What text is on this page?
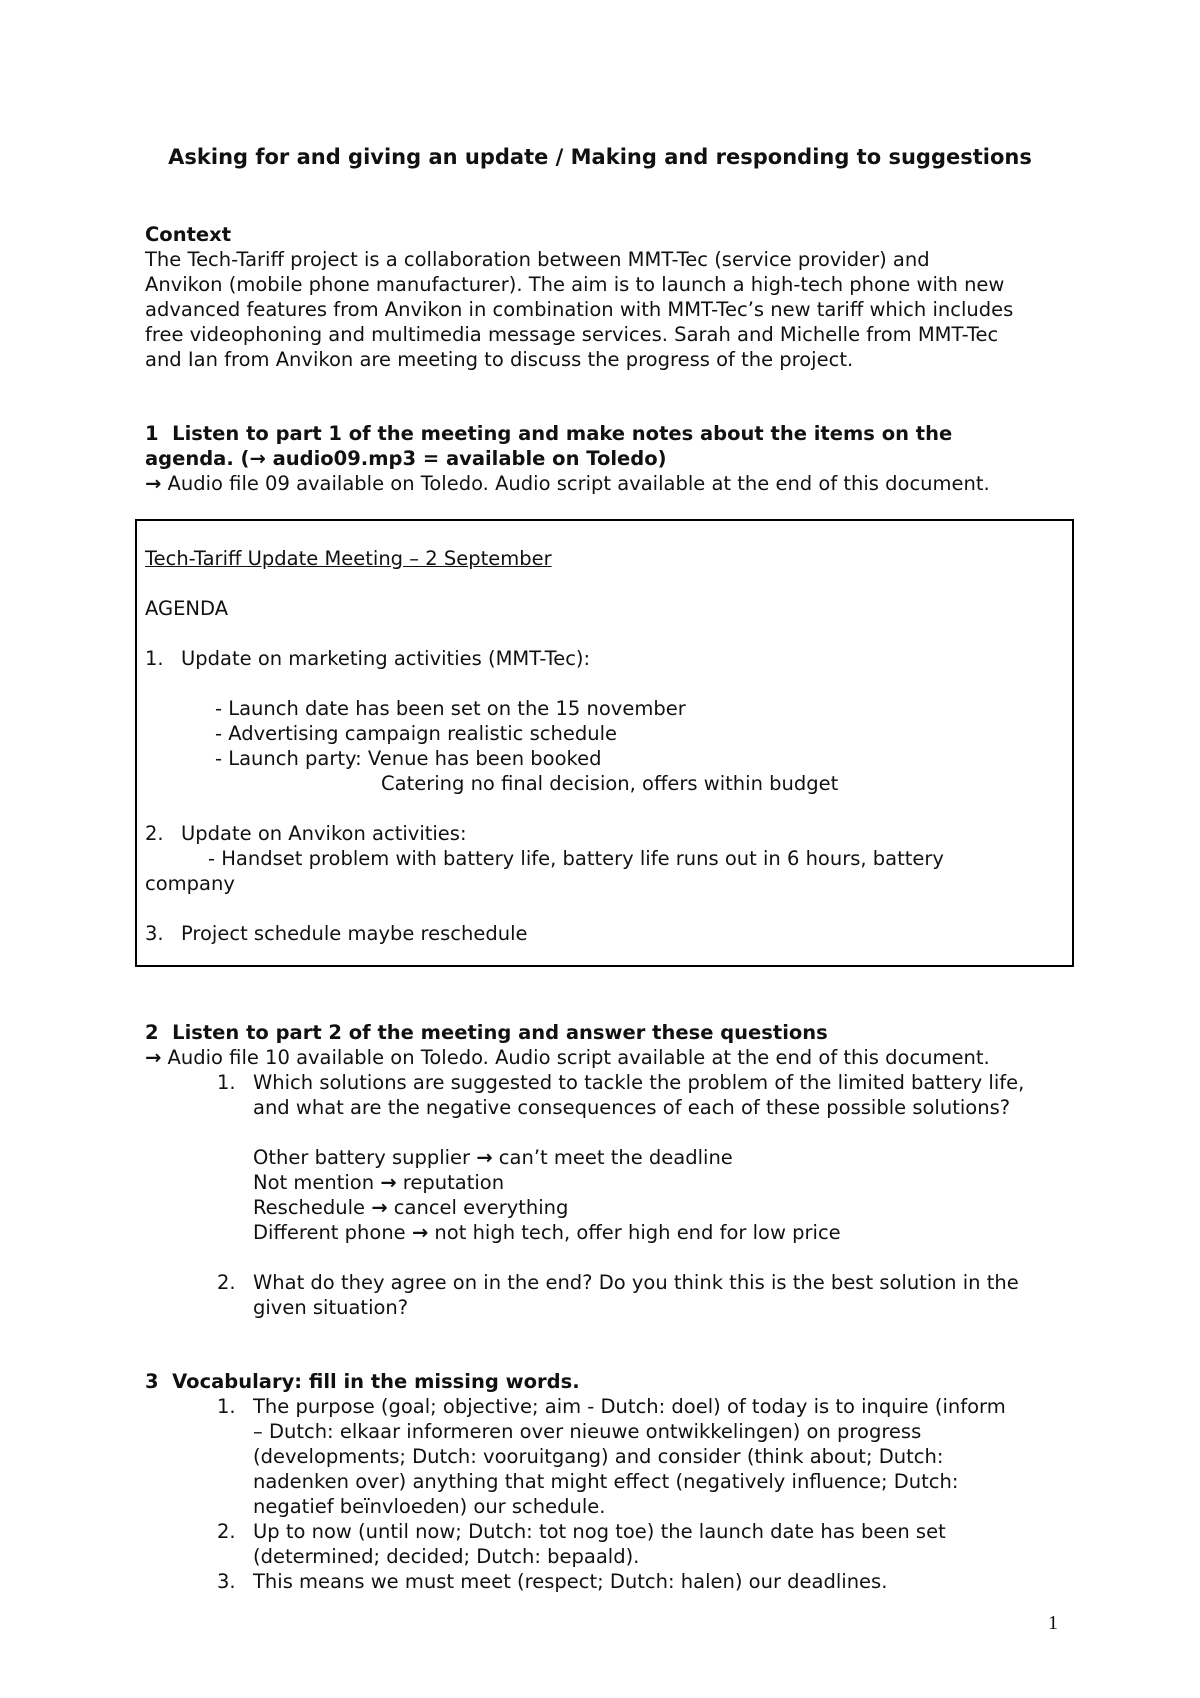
Asking for and giving an update / Making and responding to suggestions
Context
The Tech-Tariff project is a collaboration between MMT-Tec (service provider) and
Anvikon (mobile phone manufacturer). The aim is to launch a high-tech phone with new
advanced features from Anvikon in combination with MMT-Tec’s new tariff which includes
free videophoning and multimedia message services. Sarah and Michelle from MMT-Tec
and Ian from Anvikon are meeting to discuss the progress of the project.
1  Listen to part 1 of the meeting and make notes about the items on the
agenda. (→ audio09.mp3 = available on Toledo)
→ Audio file 09 available on Toledo. Audio script available at the end of this document.
Tech-Tariff Update Meeting – 2 September
AGENDA
1. Update on marketing activities (MMT-Tec):
- Launch date has been set on the 15 november
- Advertising campaign realistic schedule
- Launch party: Venue has been booked
Catering no final decision, offers within budget
2. Update on Anvikon activities:
- Handset problem with battery life, battery life runs out in 6 hours, battery
company
3. Project schedule maybe reschedule
2  Listen to part 2 of the meeting and answer these questions
→ Audio file 10 available on Toledo. Audio script available at the end of this document.
1. Which solutions are suggested to tackle the problem of the limited battery life,
and what are the negative consequences of each of these possible solutions?
Other battery supplier → can’t meet the deadline
Not mention → reputation
Reschedule → cancel everything
Different phone → not high tech, offer high end for low price
2. What do they agree on in the end? Do you think this is the best solution in the
given situation?
3  Vocabulary: fill in the missing words.
1. The purpose (goal; objective; aim - Dutch: doel) of today is to inquire (inform
– Dutch: elkaar informeren over nieuwe ontwikkelingen) on progress
(developments; Dutch: vooruitgang) and consider (think about; Dutch:
nadenken over) anything that might effect (negatively influence; Dutch:
negatief beïnvloeden) our schedule.
2. Up to now (until now; Dutch: tot nog toe) the launch date has been set
(determined; decided; Dutch: bepaald).
3. This means we must meet (respect; Dutch: halen) our deadlines.
1
